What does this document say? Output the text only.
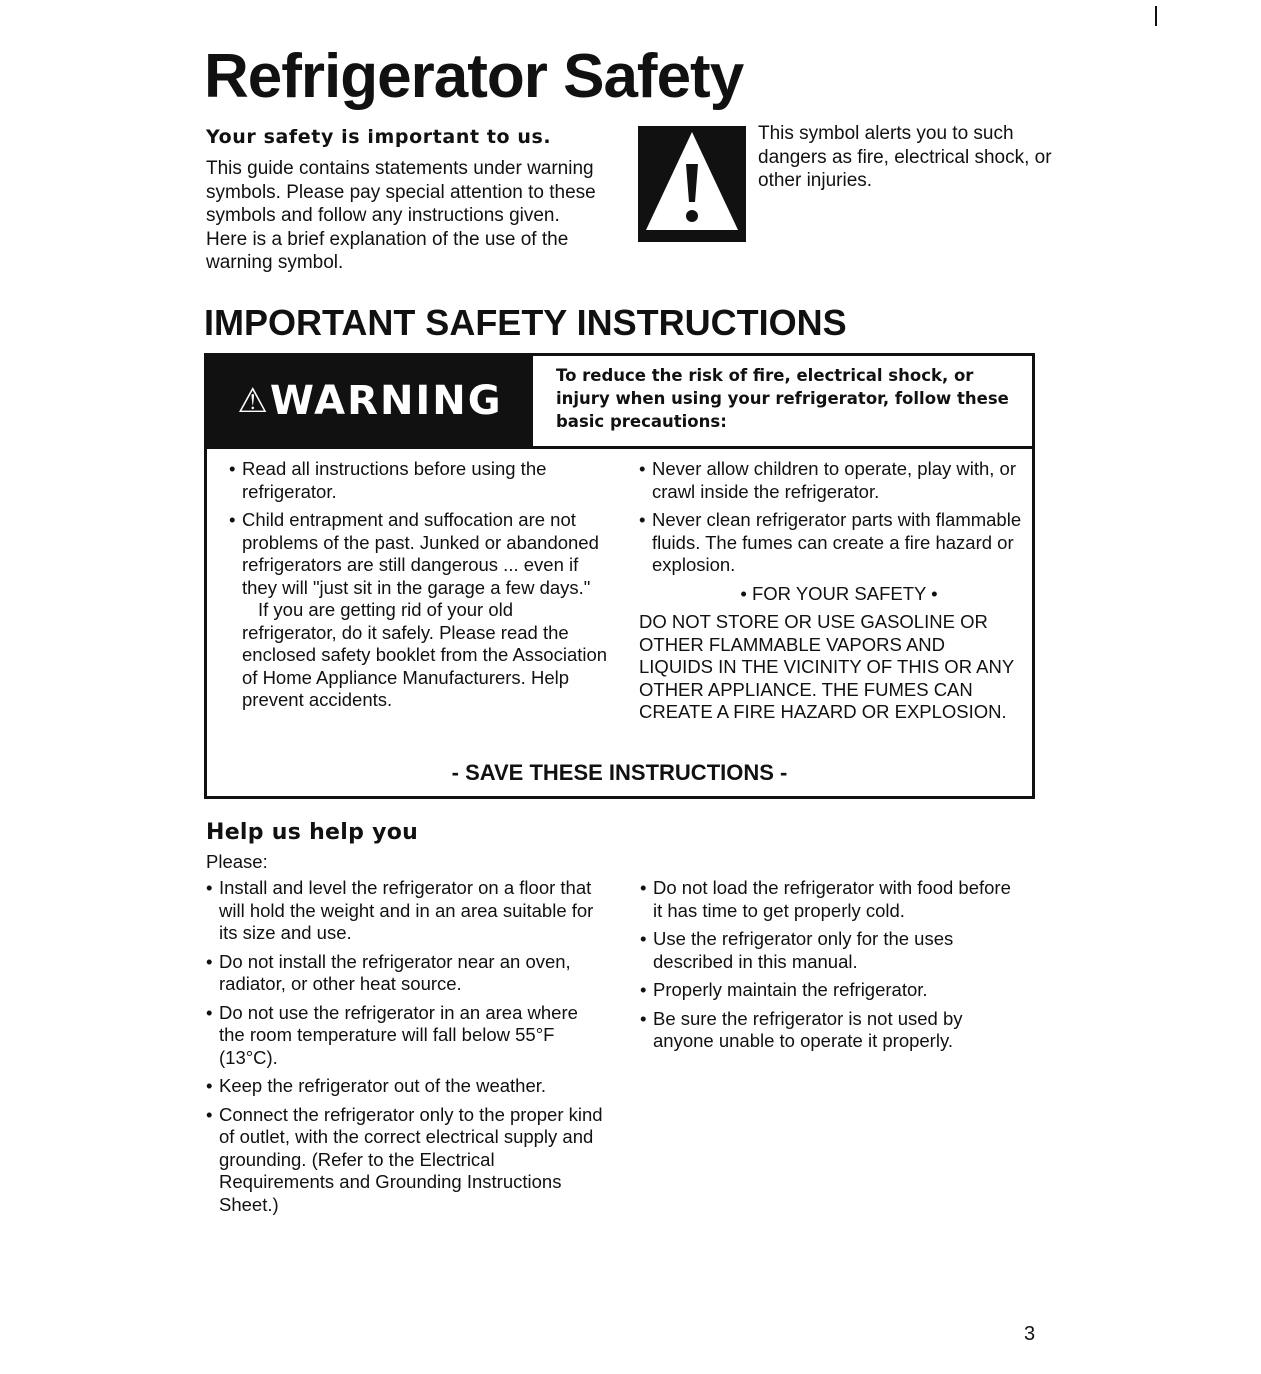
Refrigerator Safety

Your safety is important to us.

This guide contains statements under warning symbols. Please pay special attention to these symbols and follow any instructions given. Here is a brief explanation of the use of the warning symbol.

This symbol alerts you to such dangers as fire, electrical shock, or other injuries.

IMPORTANT SAFETY INSTRUCTIONS
⚠ WARNING

To reduce the risk of fire, electrical shock, or injury when using your refrigerator, follow these basic precautions:

• Read all instructions before using the refrigerator.
• Child entrapment and suffocation are not problems of the past. Junked or abandoned refrigerators are still dangerous ... even if they will "just sit in the garage a few days."

If you are getting rid of your old refrigerator, do it safely. Please read the enclosed safety booklet from the Association of Home Appliance Manufacturers. Help prevent accidents.

• Never allow children to operate, play with, or crawl inside the refrigerator.
• Never clean refrigerator parts with flammable fluids. The fumes can create a fire hazard or explosion.

• FOR YOUR SAFETY •

DO NOT STORE OR USE GASOLINE OR OTHER FLAMMABLE VAPORS AND LIQUIDS IN THE VICINITY OF THIS OR ANY OTHER APPLIANCE. THE FUMES CAN CREATE A FIRE HAZARD OR EXPLOSION.

- SAVE THESE INSTRUCTIONS -

Help us help you

Please:

• Install and level the refrigerator on a floor that will hold the weight and in an area suitable for its size and use.
• Do not install the refrigerator near an oven, radiator, or other heat source.
• Do not use the refrigerator in an area where the room temperature will fall below 55°F (13°C).
• Keep the refrigerator out of the weather.
• Connect the refrigerator only to the proper kind of outlet, with the correct electrical supply and grounding. (Refer to the Electrical Requirements and Grounding Instructions Sheet.)
• Do not load the refrigerator with food before it has time to get properly cold.
• Use the refrigerator only for the uses described in this manual.
• Properly maintain the refrigerator.
• Be sure the refrigerator is not used by anyone unable to operate it properly.

3
